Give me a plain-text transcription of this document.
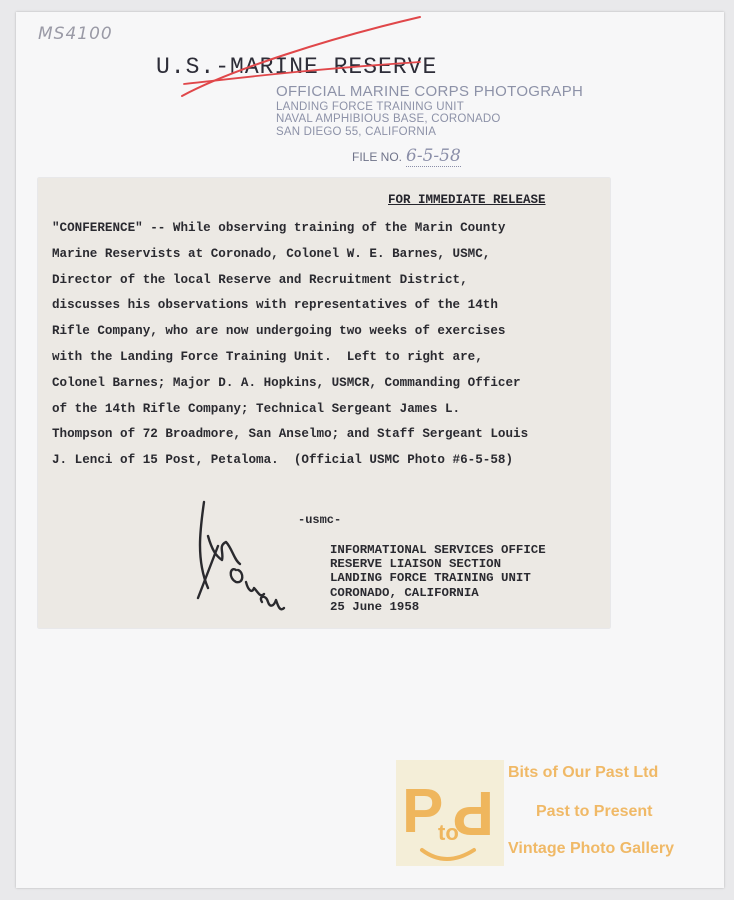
MS4100
U.S.-MARINE RESERVE
OFFICIAL MARINE CORPS PHOTOGRAPH
LANDING FORCE TRAINING UNIT
NAVAL AMPHIBIOUS BASE, CORONADO
SAN DIEGO 55, CALIFORNIA
FILE NO. 6-5-58
FOR IMMEDIATE RELEASE
"CONFERENCE" -- While observing training of the Marin County
Marine Reservists at Coronado, Colonel W. E. Barnes, USMC,
Director of the local Reserve and Recruitment District,
discusses his observations with representatives of the 14th
Rifle Company, who are now undergoing two weeks of exercises
with the Landing Force Training Unit.  Left to right are,
Colonel Barnes; Major D. A. Hopkins, USMCR, Commanding Officer
of the 14th Rifle Company; Technical Sergeant James L.
Thompson of 72 Broadmore, San Anselmo; and Staff Sergeant Louis
J. Lenci of 15 Post, Petaloma.  (Official USMC Photo #6-5-58)
-usmc-
INFORMATIONAL SERVICES OFFICE
RESERVE LIAISON SECTION
LANDING FORCE TRAINING UNIT
CORONADO, CALIFORNIA
25 June 1958
P
to
P
Bits of Our Past Ltd
Past to Present
Vintage Photo Gallery
